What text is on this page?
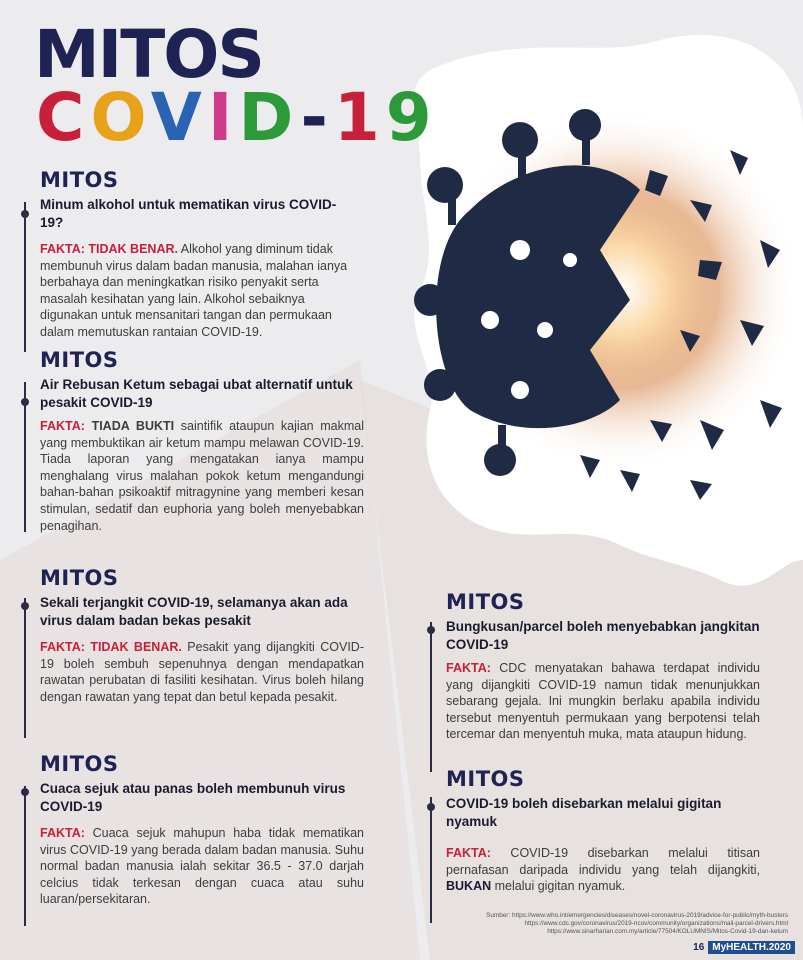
MITOS
COVID-19
MITOS
Minum alkohol untuk mematikan virus COVID-19?
FAKTA: TIDAK BENAR. Alkohol yang diminum tidak membunuh virus dalam badan manusia, malahan ianya berbahaya dan meningkatkan risiko penyakit serta masalah kesihatan yang lain. Alkohol sebaiknya digunakan untuk mensanitari tangan dan permukaan dalam memutuskan rantaian COVID-19.
MITOS
Air Rebusan Ketum sebagai ubat alternatif untuk pesakit COVID-19
FAKTA: TIADA BUKTI saintifik ataupun kajian makmal yang membuktikan air ketum mampu melawan COVID-19. Tiada laporan yang mengatakan ianya mampu menghalang virus malahan pokok ketum mengandungi bahan-bahan psikoaktif mitragynine yang memberi kesan stimulan, sedatif dan euphoria yang boleh menyebabkan penagihan.
MITOS
Sekali terjangkit COVID-19, selamanya akan ada virus dalam badan bekas pesakit
FAKTA: TIDAK BENAR. Pesakit yang dijangkiti COVID-19 boleh sembuh sepenuhnya dengan mendapatkan rawatan perubatan di fasiliti kesihatan. Virus boleh hilang dengan rawatan yang tepat dan betul kepada pesakit.
MITOS
Cuaca sejuk atau panas boleh membunuh virus COVID-19
FAKTA: Cuaca sejuk mahupun haba tidak mematikan virus COVID-19 yang berada dalam badan manusia. Suhu normal badan manusia ialah sekitar 36.5 - 37.0 darjah celcius tidak terkesan dengan cuaca atau suhu luaran/persekitaran.
MITOS
Bungkusan/parcel boleh menyebabkan jangkitan COVID-19
FAKTA: CDC menyatakan bahawa terdapat individu yang dijangkiti COVID-19 namun tidak menunjukkan sebarang gejala. Ini mungkin berlaku apabila individu tersebut menyentuh permukaan yang berpotensi telah tercemar dan menyentuh muka, mata ataupun hidung.
MITOS
COVID-19 boleh disebarkan melalui gigitan nyamuk
FAKTA: COVID-19 disebarkan melalui titisan pernafasan daripada individu yang telah dijangkiti, BUKAN melalui gigitan nyamuk.
Sumber: https://www.who.int/emergencies/diseases/novel-coronavirus-2019/advice-for-public/myth-busters
https://www.cdc.gov/coronavirus/2019-ncov/community/organizations/mail-parcel-drivers.html
https://www.sinarharian.com.my/article/77504/KOLUMNIS/Mitos-Covid-19-dan-ketum
16 MyHEALTH.2020
